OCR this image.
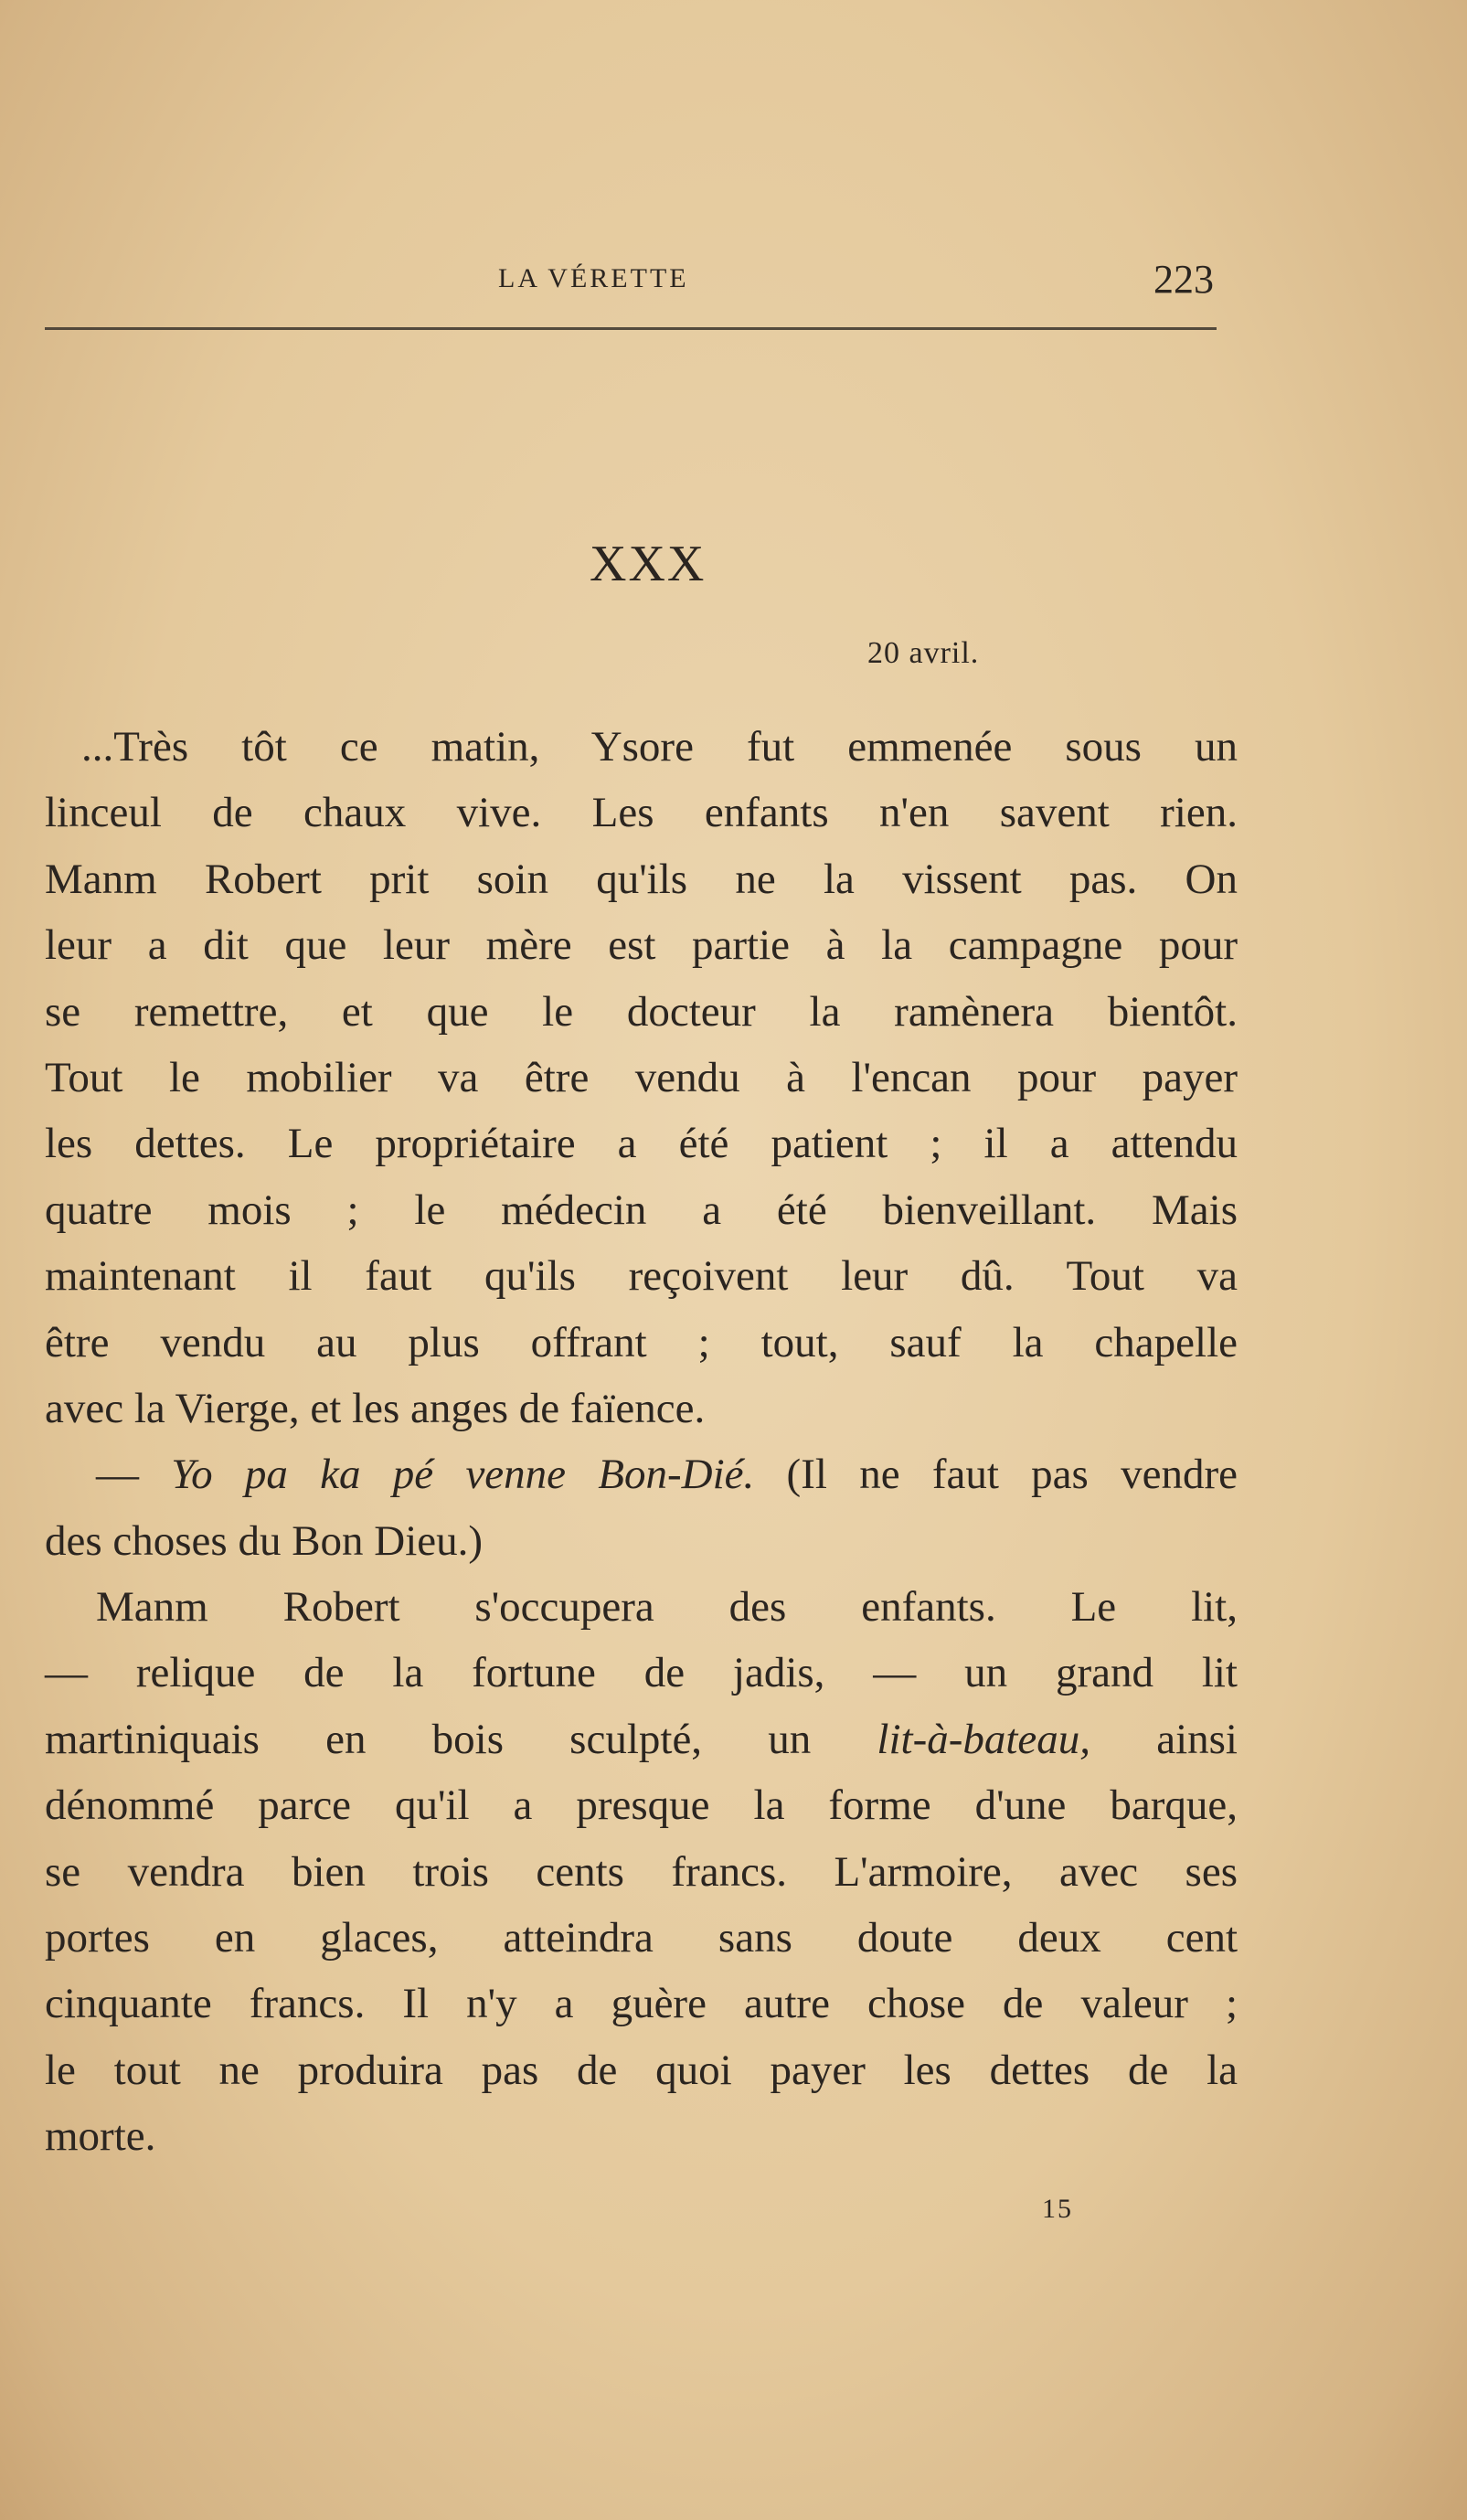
LA VÉRETTE	223
XXX
20 avril.
...Très tôt ce matin, Ysore fut emmenée sous un
linceul de chaux vive. Les enfants n'en savent rien.
Manm Robert prit soin qu'ils ne la vissent pas. On
leur a dit que leur mère est partie à la campagne pour
se remettre, et que le docteur la ramènera bientôt.
Tout le mobilier va être vendu à l'encan pour payer
les dettes. Le propriétaire a été patient ; il a attendu
quatre mois ; le médecin a été bienveillant. Mais
maintenant il faut qu'ils reçoivent leur dû. Tout va
être vendu au plus offrant ; tout, sauf la chapelle
avec la Vierge, et les anges de faïence.
— Yo pa ka pé venne Bon-Dié. (Il ne faut pas vendre
des choses du Bon Dieu.)
Manm Robert s'occupera des enfants. Le lit,
— relique de la fortune de jadis, — un grand lit
martiniquais en bois sculpté, un lit-à-bateau, ainsi
dénommé parce qu'il a presque la forme d'une barque,
se vendra bien trois cents francs. L'armoire, avec ses
portes en glaces, atteindra sans doute deux cent
cinquante francs. Il n'y a guère autre chose de valeur ;
le tout ne produira pas de quoi payer les dettes de la
morte.
15
